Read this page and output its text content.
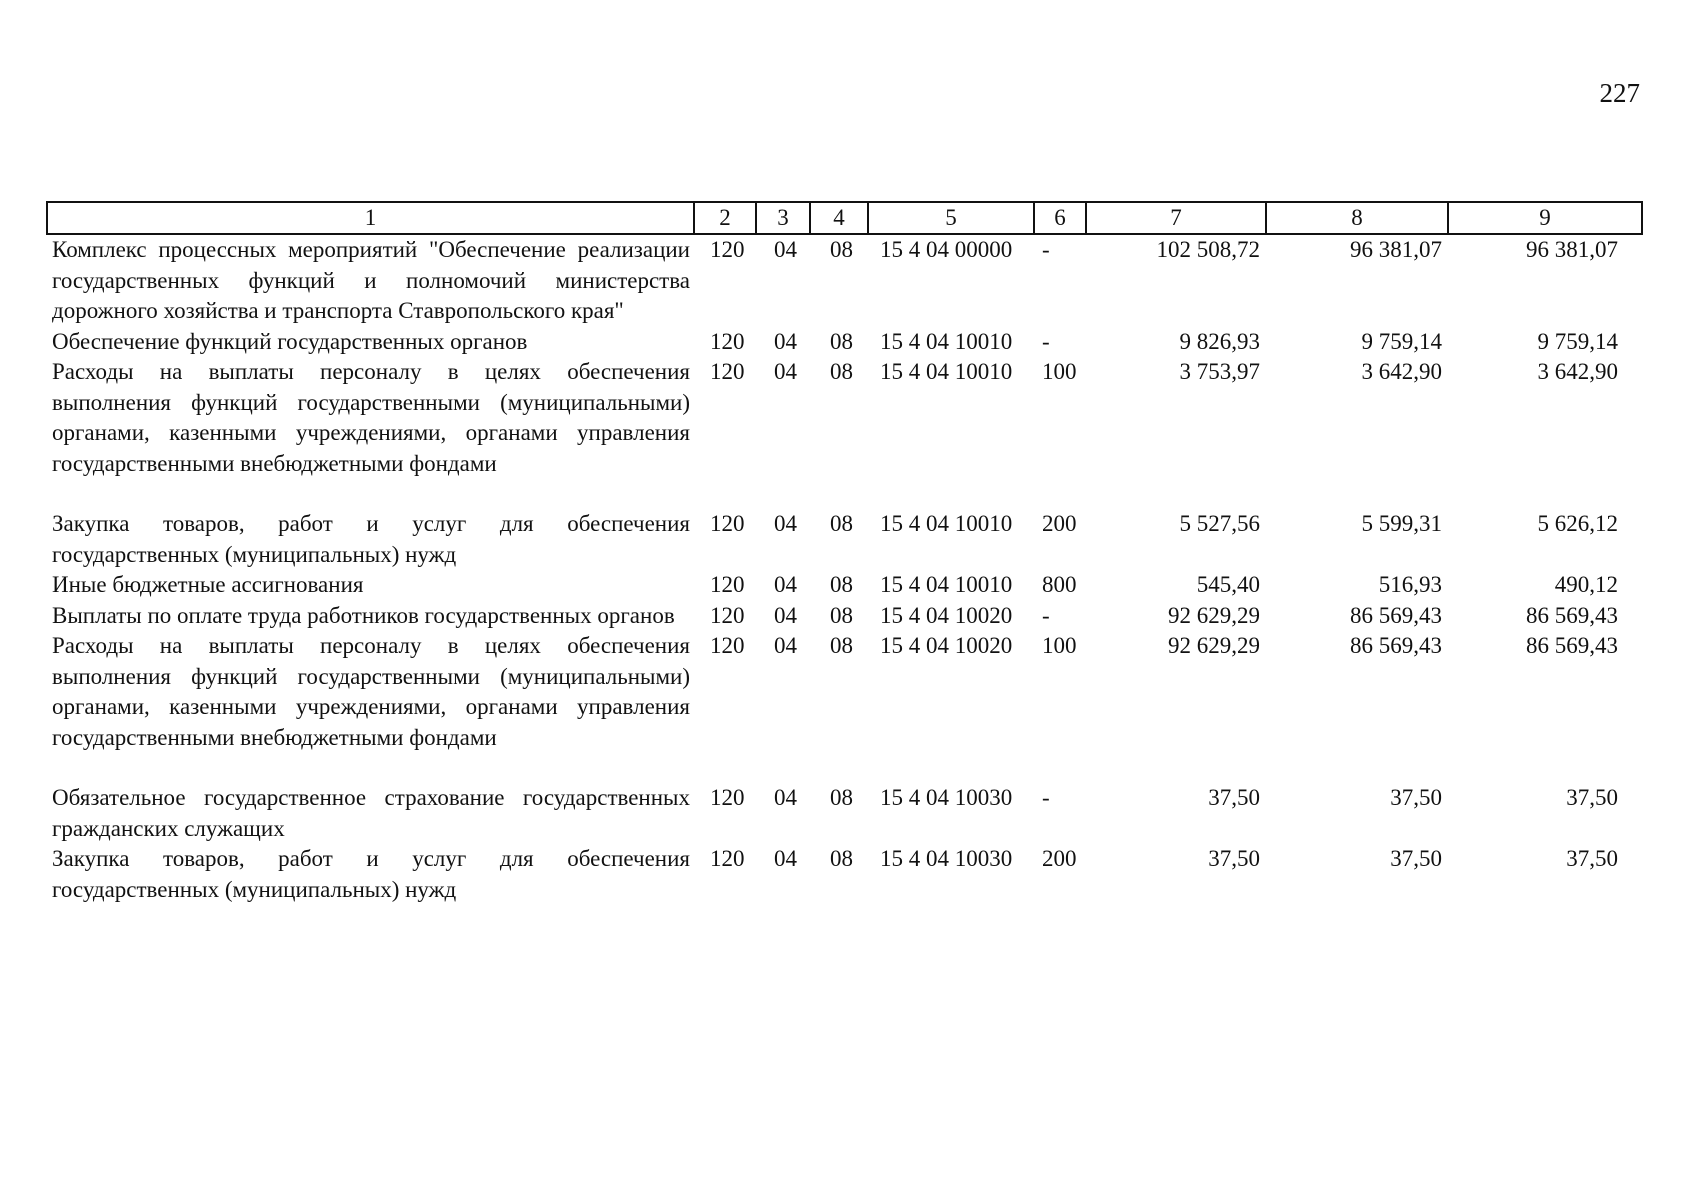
227
1	2	3	4	5	6	7	8	9
Комплекс процессных мероприятий "Обеспечение реализации государственных функций и полномочий министерства дорожного хозяйства и транспорта Ставропольского края"	120	04	08	15 4 04 00000	-	102 508,72	96 381,07	96 381,07
Обеспечение функций государственных органов	120	04	08	15 4 04 10010	-	9 826,93	9 759,14	9 759,14
Расходы на выплаты персоналу в целях обеспечения выполнения функций государственными (муниципальными) органами, казенными учреждениями, органами управления государственными внебюджетными фондами	120	04	08	15 4 04 10010	100	3 753,97	3 642,90	3 642,90

Закупка товаров, работ и услуг для обеспечения государственных (муниципальных) нужд	120	04	08	15 4 04 10010	200	5 527,56	5 599,31	5 626,12
Иные бюджетные ассигнования	120	04	08	15 4 04 10010	800	545,40	516,93	490,12
Выплаты по оплате труда работников государственных органов	120	04	08	15 4 04 10020	-	92 629,29	86 569,43	86 569,43
Расходы на выплаты персоналу в целях обеспечения выполнения функций государственными (муниципальными) органами, казенными учреждениями, органами управления государственными внебюджетными фондами	120	04	08	15 4 04 10020	100	92 629,29	86 569,43	86 569,43

Обязательное государственное страхование государственных гражданских служащих	120	04	08	15 4 04 10030	-	37,50	37,50	37,50
Закупка товаров, работ и услуг для обеспечения государственных (муниципальных) нужд	120	04	08	15 4 04 10030	200	37,50	37,50	37,50
